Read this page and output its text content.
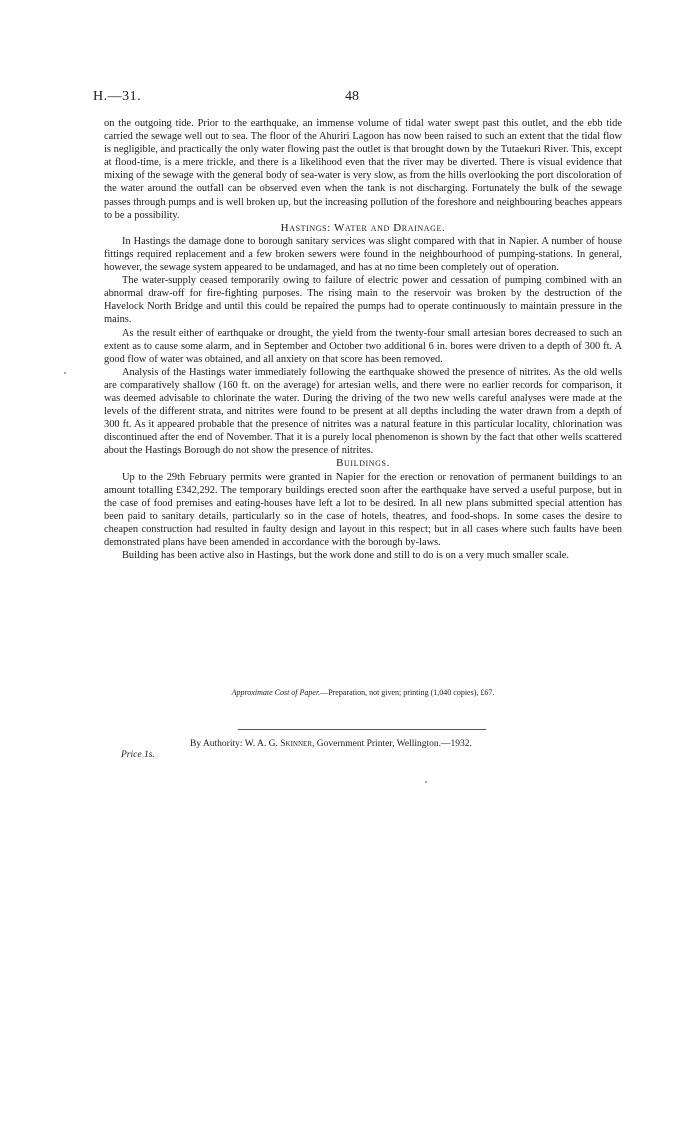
H.—31.	48

on the outgoing tide. Prior to the earthquake, an immense volume of tidal water swept past this outlet, and the ebb tide carried the sewage well out to sea. The floor of the Ahuriri Lagoon has now been raised to such an extent that the tidal flow is negligible, and practically the only water flowing past the outlet is that brought down by the Tutaekuri River. This, except at flood-time, is a mere trickle, and there is a likelihood even that the river may be diverted. There is visual evidence that mixing of the sewage with the general body of sea-water is very slow, as from the hills overlooking the port discoloration of the water around the outfall can be observed even when the tank is not discharging. Fortunately the bulk of the sewage passes through pumps and is well broken up, but the increasing pollution of the foreshore and neighbouring beaches appears to be a possibility.

Hastings: Water and Drainage.

In Hastings the damage done to borough sanitary services was slight compared with that in Napier. A number of house fittings required replacement and a few broken sewers were found in the neighbourhood of pumping-stations. In general, however, the sewage system appeared to be undamaged, and has at no time been completely out of operation.

The water-supply ceased temporarily owing to failure of electric power and cessation of pumping combined with an abnormal draw-off for fire-fighting purposes. The rising main to the reservoir was broken by the destruction of the Havelock North Bridge and until this could be repaired the pumps had to operate continuously to maintain pressure in the mains.

As the result either of earthquake or drought, the yield from the twenty-four small artesian bores decreased to such an extent as to cause some alarm, and in September and October two additional 6 in. bores were driven to a depth of 300 ft. A good flow of water was obtained, and all anxiety on that score has been removed.

Analysis of the Hastings water immediately following the earthquake showed the presence of nitrites. As the old wells are comparatively shallow (160 ft. on the average) for artesian wells, and there were no earlier records for comparison, it was deemed advisable to chlorinate the water. During the driving of the two new wells careful analyses were made at the levels of the different strata, and nitrites were found to be present at all depths including the water drawn from a depth of 300 ft. As it appeared probable that the presence of nitrites was a natural feature in this particular locality, chlorination was discontinued after the end of November. That it is a purely local phenomenon is shown by the fact that other wells scattered about the Hastings Borough do not show the presence of nitrites.

Buildings.

Up to the 29th February permits were granted in Napier for the erection or renovation of permanent buildings to an amount totalling £342,292. The temporary buildings erected soon after the earthquake have served a useful purpose, but in the case of food premises and eating-houses have left a lot to be desired. In all new plans submitted special attention has been paid to sanitary details, particularly so in the case of hotels, theatres, and food-shops. In some cases the desire to cheapen construction had resulted in faulty design and layout in this respect; but in all cases where such faults have been demonstrated plans have been amended in accordance with the borough by-laws.

Building has been active also in Hastings, but the work done and still to do is on a very much smaller scale.

Approximate Cost of Paper.—Preparation, not given; printing (1,040 copies), £67.
By Authority: W. A. G. Skinner, Government Printer, Wellington.—1932.
Price 1s.
